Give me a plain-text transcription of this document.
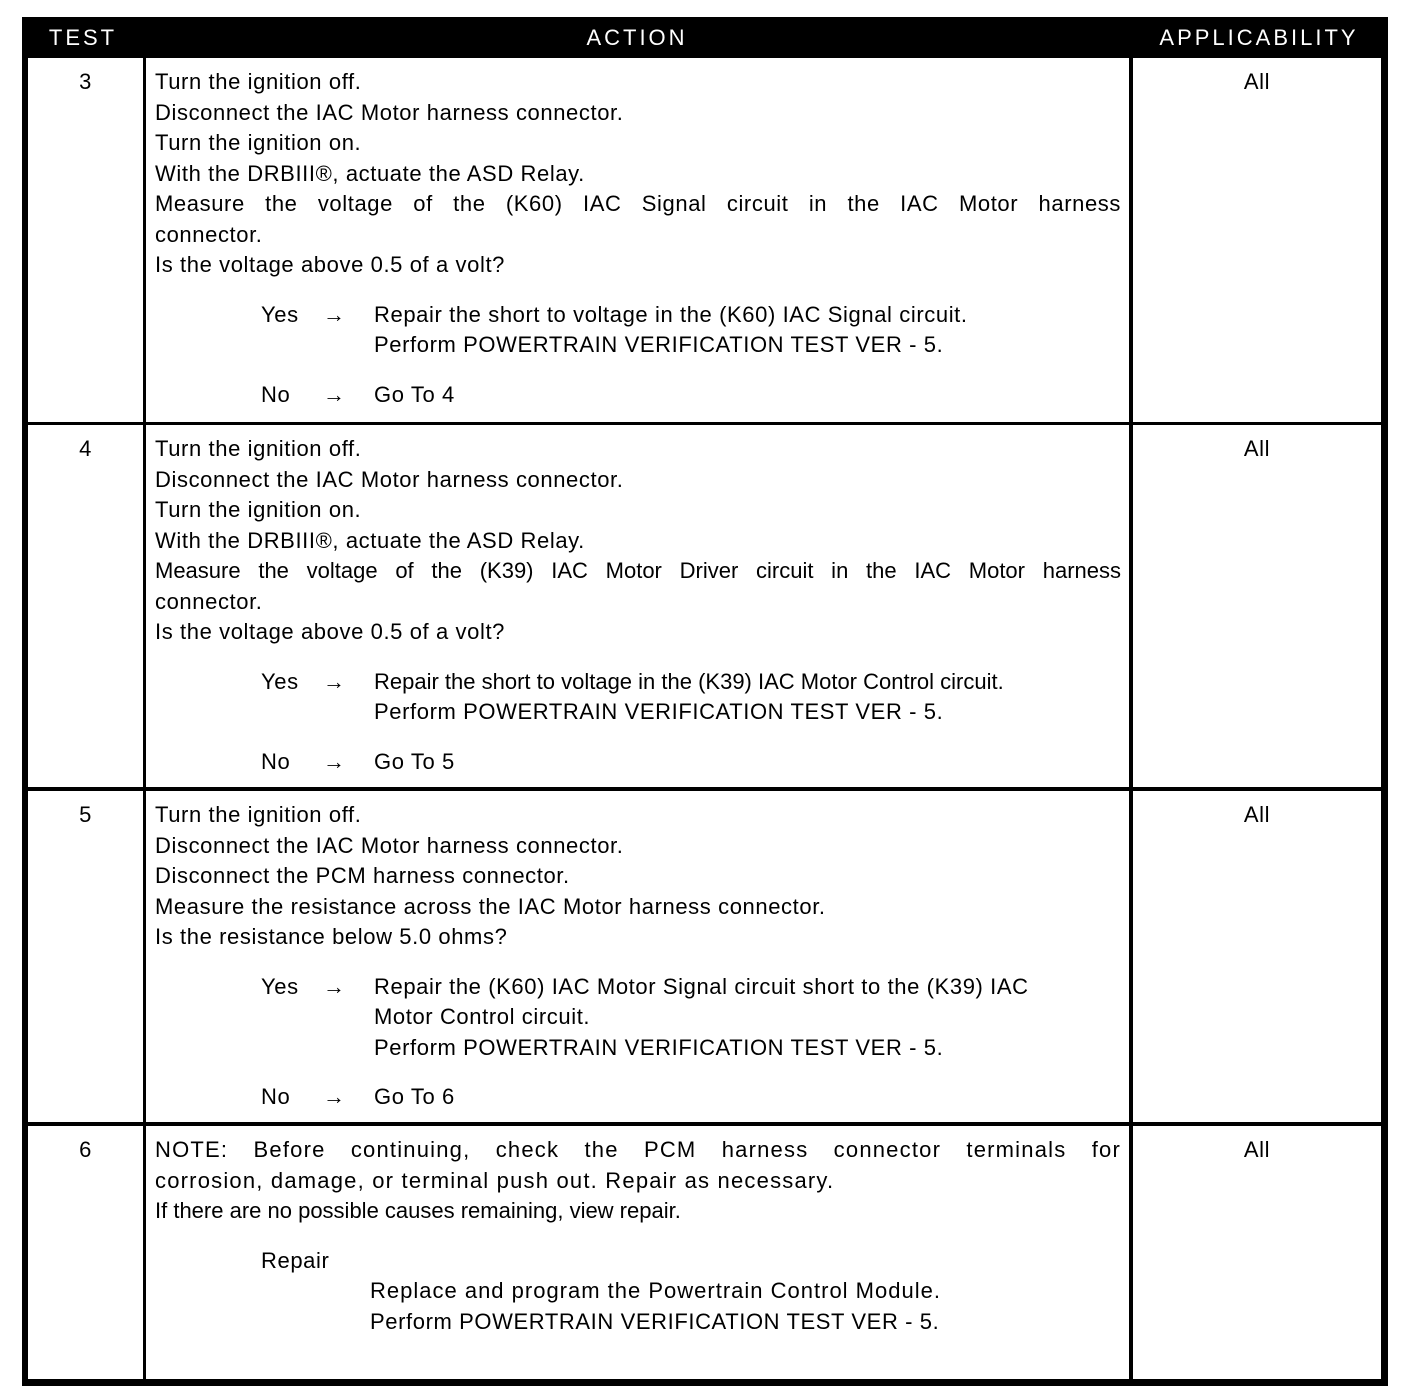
TEST	ACTION	APPLICABILITY
3	Turn the ignition off.
Disconnect the IAC Motor harness connector.
Turn the ignition on.
With the DRBIII®, actuate the ASD Relay.
Measure the voltage of the (K60) IAC Signal circuit in the IAC Motor harness
connector.
Is the voltage above 0.5 of a volt?
Yes → Repair the short to voltage in the (K60) IAC Signal circuit.
Perform POWERTRAIN VERIFICATION TEST VER - 5.
No → Go To 4
All
4	Turn the ignition off.
Disconnect the IAC Motor harness connector.
Turn the ignition on.
With the DRBIII®, actuate the ASD Relay.
Measure the voltage of the (K39) IAC Motor Driver circuit in the IAC Motor harness
connector.
Is the voltage above 0.5 of a volt?
Yes → Repair the short to voltage in the (K39) IAC Motor Control circuit.
Perform POWERTRAIN VERIFICATION TEST VER - 5.
No → Go To 5
All
5	Turn the ignition off.
Disconnect the IAC Motor harness connector.
Disconnect the PCM harness connector.
Measure the resistance across the IAC Motor harness connector.
Is the resistance below 5.0 ohms?
Yes → Repair the (K60) IAC Motor Signal circuit short to the (K39) IAC
Motor Control circuit.
Perform POWERTRAIN VERIFICATION TEST VER - 5.
No → Go To 6
All
6	NOTE: Before continuing, check the PCM harness connector terminals for
corrosion, damage, or terminal push out. Repair as necessary.
If there are no possible causes remaining, view repair.
Repair
Replace and program the Powertrain Control Module.
Perform POWERTRAIN VERIFICATION TEST VER - 5.
All
